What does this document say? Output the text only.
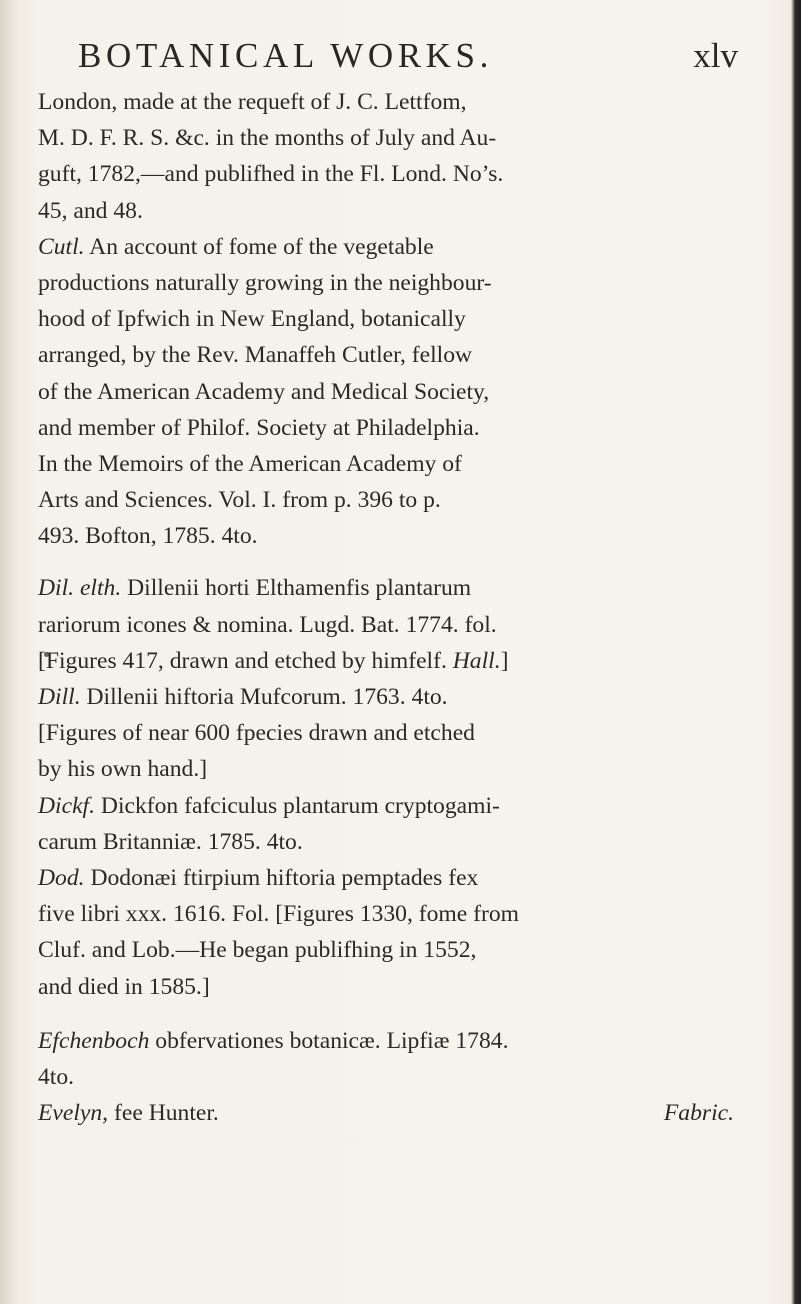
BOTANICAL WORKS.	xlv
London, made at the requeft of J. C. Lettfom,
M. D. F. R. S. &c. in the months of July and Au-
guft, 1782,—and publifhed in the Fl. Lond. No’s.
45, and 48.
Cutl. An account of fome of the vegetable
productions naturally growing in the neighbour-
hood of Ipfwich in New England, botanically
arranged, by the Rev. Manaffeh Cutler, fellow
of the American Academy and Medical Society,
and member of Philof. Society at Philadelphia.
In the Memoirs of the American Academy of
Arts and Sciences. Vol. I. from p. 396 to p.
493. Bofton, 1785. 4to.
Dil. elth. Dillenii horti Elthamenfis plantarum
rariorum icones & nomina. Lugd. Bat. 1774. fol.
[Figures 417, drawn and etched by himfelf. Hall.]
Dill. Dillenii hiftoria Mufcorum. 1763. 4to.
[Figures of near 600 fpecies drawn and etched
by his own hand.]
Dickf. Dickfon fafciculus plantarum cryptogami-
carum Britanniæ. 1785. 4to.
Dod. Dodonæi ftirpium hiftoria pemptades fex
five libri xxx. 1616. Fol. [Figures 1330, fome from
Cluf. and Lob.—He began publifhing in 1552,
and died in 1585.]
Efchenboch obfervationes botanicæ. Lipfiæ 1784.
4to.
Evelyn, fee Hunter.	Fabric.
